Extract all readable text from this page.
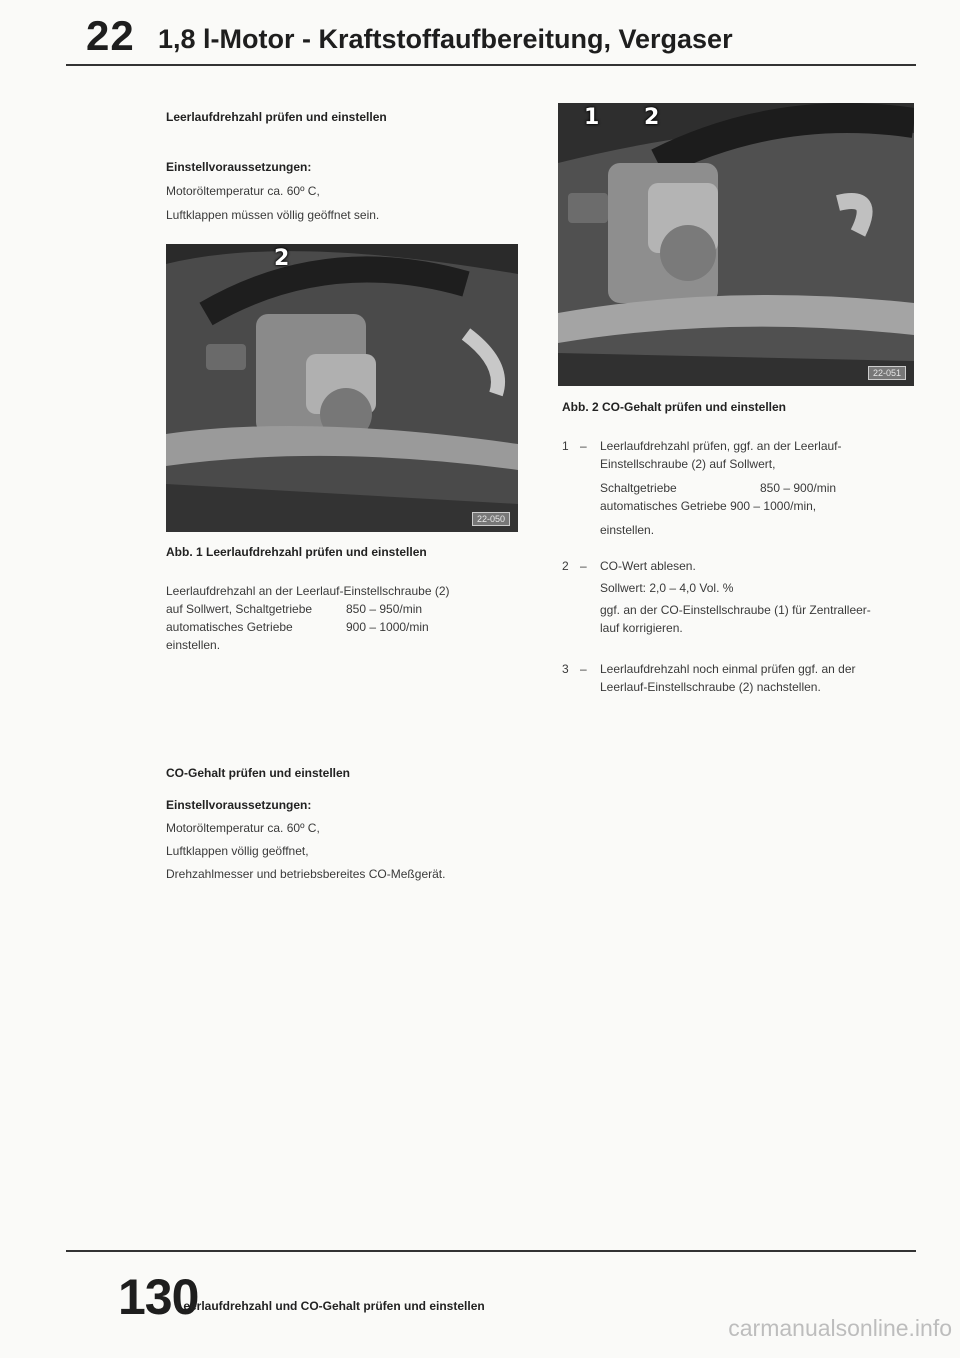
22 1,8 l-Motor - Kraftstoffaufbereitung, Vergaser
Leerlaufdrehzahl prüfen und einstellen

Einstellvoraussetzungen:

Motoröltemperatur ca. 60º C,

Luftklappen müssen völlig geöffnet sein.

2
22-050
Abb. 1 Leerlaufdrehzahl prüfen und einstellen

Leerlaufdrehzahl an der Leerlauf-Einstellschraube (2)

auf Sollwert, Schaltgetriebe	850 – 950/min
automatisches Getriebe	900 – 1000/min

einstellen.

CO-Gehalt prüfen und einstellen

Einstellvoraussetzungen:

Motoröltemperatur ca. 60º C,

Luftklappen völlig geöffnet,

Drehzahlmesser und betriebsbereites CO-Meßgerät.

1 2
22-051
Abb. 2 CO-Gehalt prüfen und einstellen
1 – Leerlaufdrehzahl prüfen, ggf. an der Leerlauf-

Einstellschraube (2) auf Sollwert,

Schaltgetriebe	850 – 900/min

automatisches Getriebe 900 – 1000/min,

einstellen.

2 – CO-Wert ablesen.

Sollwert: 2,0 – 4,0 Vol. %

ggf. an der CO-Einstellschraube (1) für Zentralleer-

lauf korrigieren.

3 – Leerlaufdrehzahl noch einmal prüfen ggf. an der

Leerlauf-Einstellschraube (2) nachstellen.

130
Leerlaufdrehzahl und CO-Gehalt prüfen und einstellen
carmanualsonline.info
